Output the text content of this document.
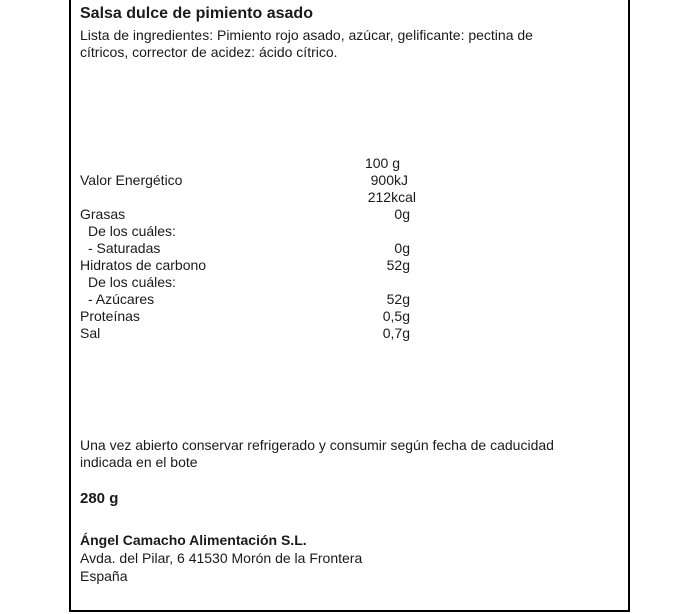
Salsa dulce de pimiento asado
Lista de ingredientes: Pimiento rojo asado, azúcar, gelificante: pectina de cítricos, corrector de acidez: ácido cítrico.
100 g
Valor Energético	900kJ
212kcal
Grasas	0g
De los cuáles:
- Saturadas	0g
Hidratos de carbono	52g
De los cuáles:
- Azúcares	52g
Proteínas	0,5g
Sal	0,7g
Una vez abierto conservar refrigerado y consumir según fecha de caducidad indicada en el bote
280 g
Ángel Camacho Alimentación S.L.
Avda. del Pilar, 6 41530 Morón de la Frontera
España
